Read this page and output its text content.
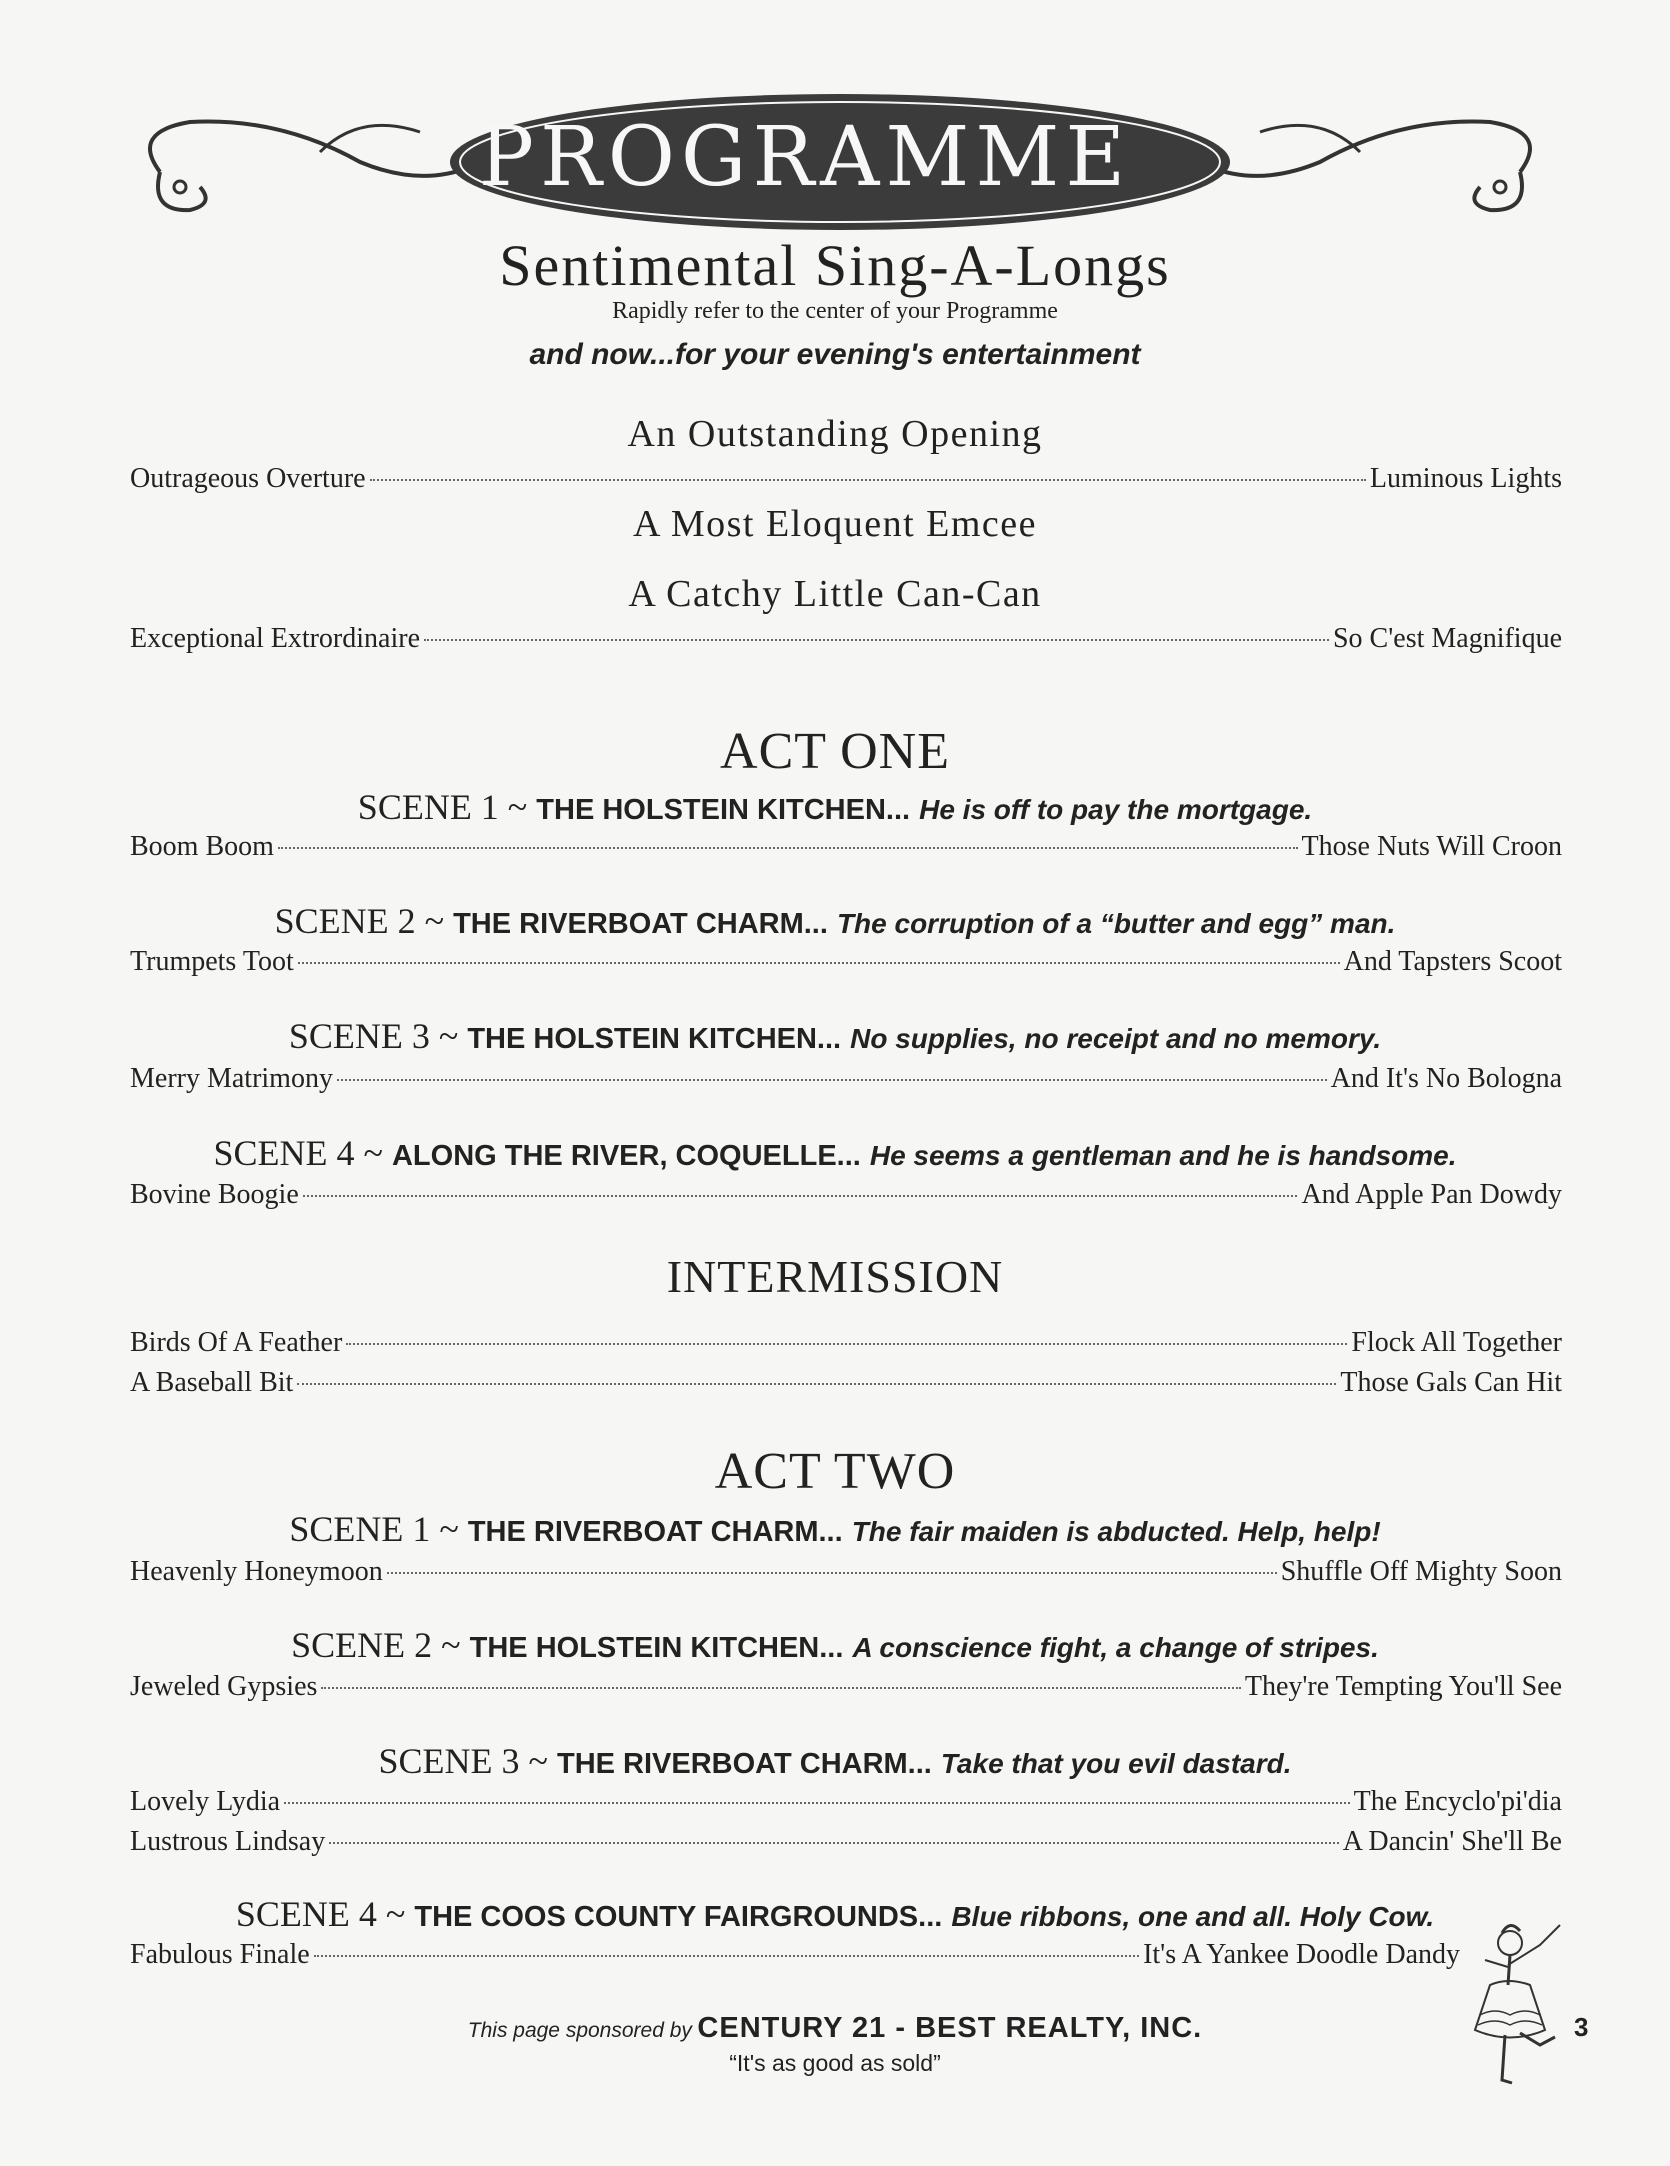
PROGRAMME
Sentimental Sing-A-Longs
Rapidly refer to the center of your Programme
and now...for your evening's entertainment
An Outstanding Opening
Outrageous Overture	Luminous Lights
A Most Eloquent Emcee
A Catchy Little Can-Can
Exceptional Extrordinaire	So C'est Magnifique
ACT ONE
SCENE 1 ~ THE HOLSTEIN KITCHEN... He is off to pay the mortgage.
Boom Boom	Those Nuts Will Croon
SCENE 2 ~ THE RIVERBOAT CHARM... The corruption of a “butter and egg” man.
Trumpets Toot	And Tapsters Scoot
SCENE 3 ~ THE HOLSTEIN KITCHEN... No supplies, no receipt and no memory.
Merry Matrimony	And It's No Bologna
SCENE 4 ~ ALONG THE RIVER, COQUELLE... He seems a gentleman and he is handsome.
Bovine Boogie	And Apple Pan Dowdy
INTERMISSION
Birds Of A Feather	Flock All Together
A Baseball Bit	Those Gals Can Hit
ACT TWO
SCENE 1 ~ THE RIVERBOAT CHARM... The fair maiden is abducted. Help, help!
Heavenly Honeymoon	Shuffle Off Mighty Soon
SCENE 2 ~ THE HOLSTEIN KITCHEN... A conscience fight, a change of stripes.
Jeweled Gypsies	They're Tempting You'll See
SCENE 3 ~ THE RIVERBOAT CHARM... Take that you evil dastard.
Lovely Lydia	The Encyclo'pi'dia
Lustrous Lindsay	A Dancin' She'll Be
SCENE 4 ~ THE COOS COUNTY FAIRGROUNDS... Blue ribbons, one and all. Holy Cow.
Fabulous Finale	It's A Yankee Doodle Dandy
This page sponsored by CENTURY 21 - BEST REALTY, INC.
“It's as good as sold”
3
